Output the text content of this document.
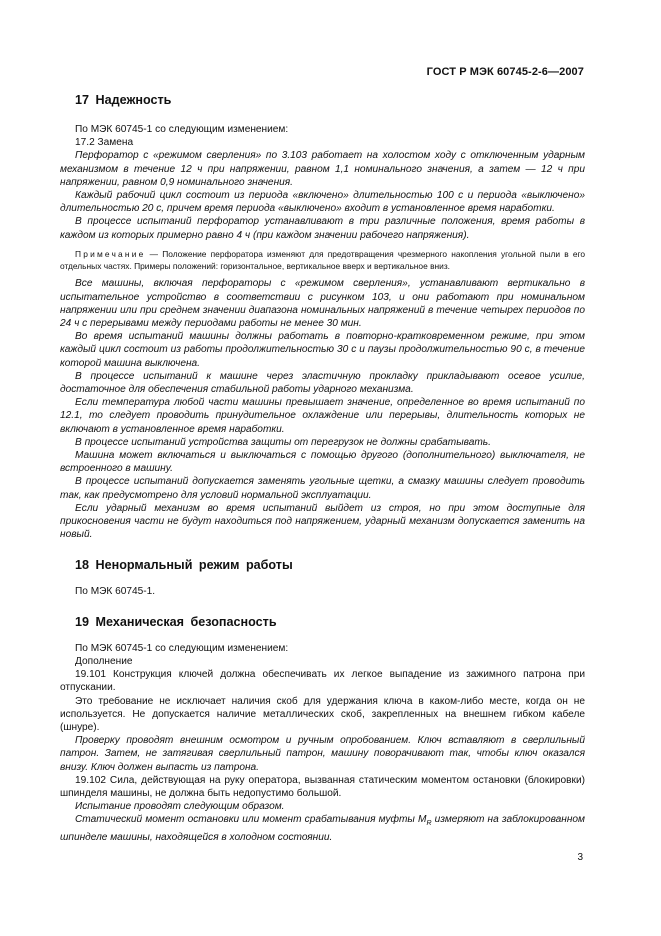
ГОСТ Р МЭК 60745-2-6—2007
17 Надежность

По МЭК 60745-1 со следующим изменением:

17.2 Замена

Перфоратор с «режимом сверления» по 3.103 работает на холостом ходу с отключенным ударным механизмом в течение 12 ч при напряжении, равном 1,1 номинального значения, а затем — 12 ч при напряжении, равном 0,9 номинального значения.

Каждый рабочий цикл состоит из периода «включено» длительностью 100 с и периода «выключено» длительностью 20 с, причем время периода «выключено» входит в установленное время наработки.

В процессе испытаний перфоратор устанавливают в три различные положения, время работы в каждом из которых примерно равно 4 ч (при каждом значении рабочего напряжения).

Примечание — Положение перфоратора изменяют для предотвращения чрезмерного накопления угольной пыли в его отдельных частях. Примеры положений: горизонтальное, вертикальное вверх и вертикальное вниз.

Все машины, включая перфораторы с «режимом сверления», устанавливают вертикально в испытательное устройство в соответствии с рисунком 103, и они работают при номинальном напряжении или при среднем значении диапазона номинальных напряжений в течение четырех периодов по 24 ч с перерывами между периодами работы не менее 30 мин.

Во время испытаний машины должны работать в повторно-кратковременном режиме, при этом каждый цикл состоит из работы продолжительностью 30 с и паузы продолжительностью 90 с, в течение которой машина выключена.

В процессе испытаний к машине через эластичную прокладку прикладывают осевое усилие, достаточное для обеспечения стабильной работы ударного механизма.

Если температура любой части машины превышает значение, определенное во время испытаний по 12.1, то следует проводить принудительное охлаждение или перерывы, длительность которых не включают в установленное время наработки.

В процессе испытаний устройства защиты от перегрузок не должны срабатывать.

Машина может включаться и выключаться с помощью другого (дополнительного) выключателя, не встроенного в машину.

В процессе испытаний допускается заменять угольные щетки, а смазку машины следует проводить так, как предусмотрено для условий нормальной эксплуатации.

Если ударный механизм во время испытаний выйдет из строя, но при этом доступные для прикосновения части не будут находиться под напряжением, ударный механизм допускается заменить на новый.

18 Ненормальный режим работы

По МЭК 60745-1.

19 Механическая безопасность

По МЭК 60745-1 со следующим изменением:

Дополнение

19.101 Конструкция ключей должна обеспечивать их легкое выпадение из зажимного патрона при отпускании.

Это требование не исключает наличия скоб для удержания ключа в каком-либо месте, когда он не используется. Не допускается наличие металлических скоб, закрепленных на внешнем гибком кабеле (шнуре).

Проверку проводят внешним осмотром и ручным опробованием. Ключ вставляют в сверлильный патрон. Затем, не затягивая сверлильный патрон, машину поворачивают так, чтобы ключ оказался внизу. Ключ должен выпасть из патрона.

19.102 Сила, действующая на руку оператора, вызванная статическим моментом остановки (блокировки) шпинделя машины, не должна быть недопустимо большой.

Испытание проводят следующим образом.

Статический момент остановки или момент срабатывания муфты $M_R$ измеряют на заблокированном шпинделе машины, находящейся в холодном состоянии.

3
